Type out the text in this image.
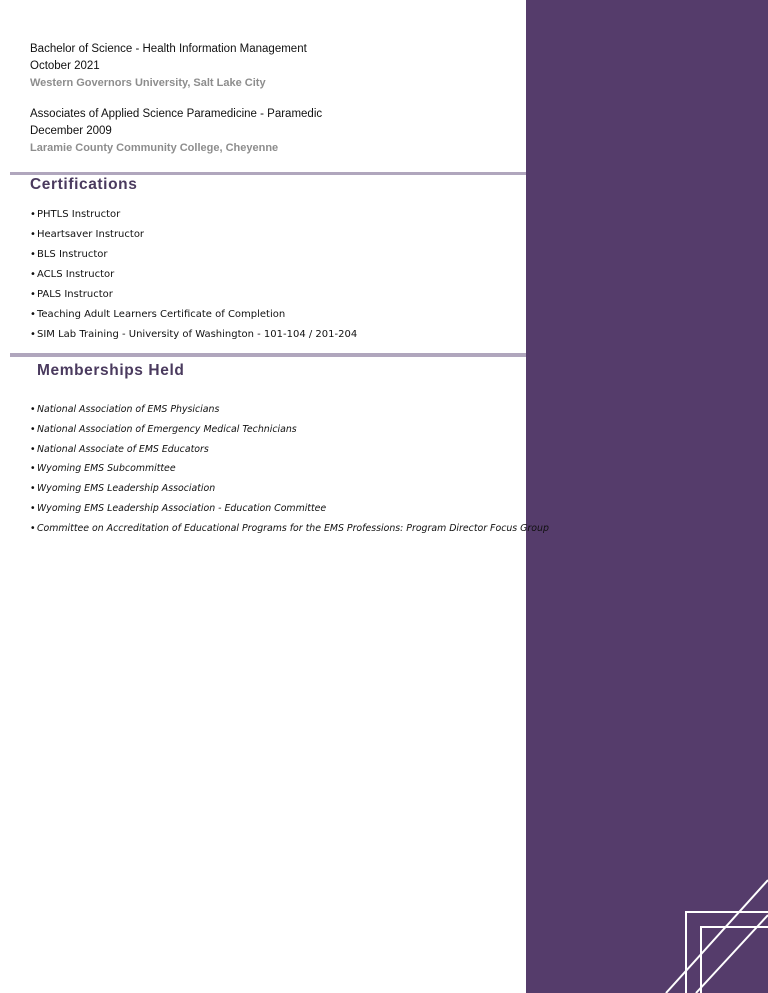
Bachelor of Science - Health Information Management
October 2021
Western Governors University, Salt Lake City
Associates of Applied Science Paramedicine - Paramedic
December 2009
Laramie County Community College, Cheyenne
Certifications
•PHTLS Instructor
•Heartsaver Instructor
•BLS Instructor
•ACLS Instructor
•PALS Instructor
•Teaching Adult Learners Certificate of Completion
•SIM Lab Training - University of Washington - 101-104 / 201-204
Memberships Held
•National Association of EMS Physicians
•National Association of Emergency Medical Technicians
•National Associate of EMS Educators
•Wyoming EMS Subcommittee
•Wyoming EMS Leadership Association
•Wyoming EMS Leadership Association - Education Committee
•Committee on Accreditation of Educational Programs for the EMS Professions: Program Director Focus Group
